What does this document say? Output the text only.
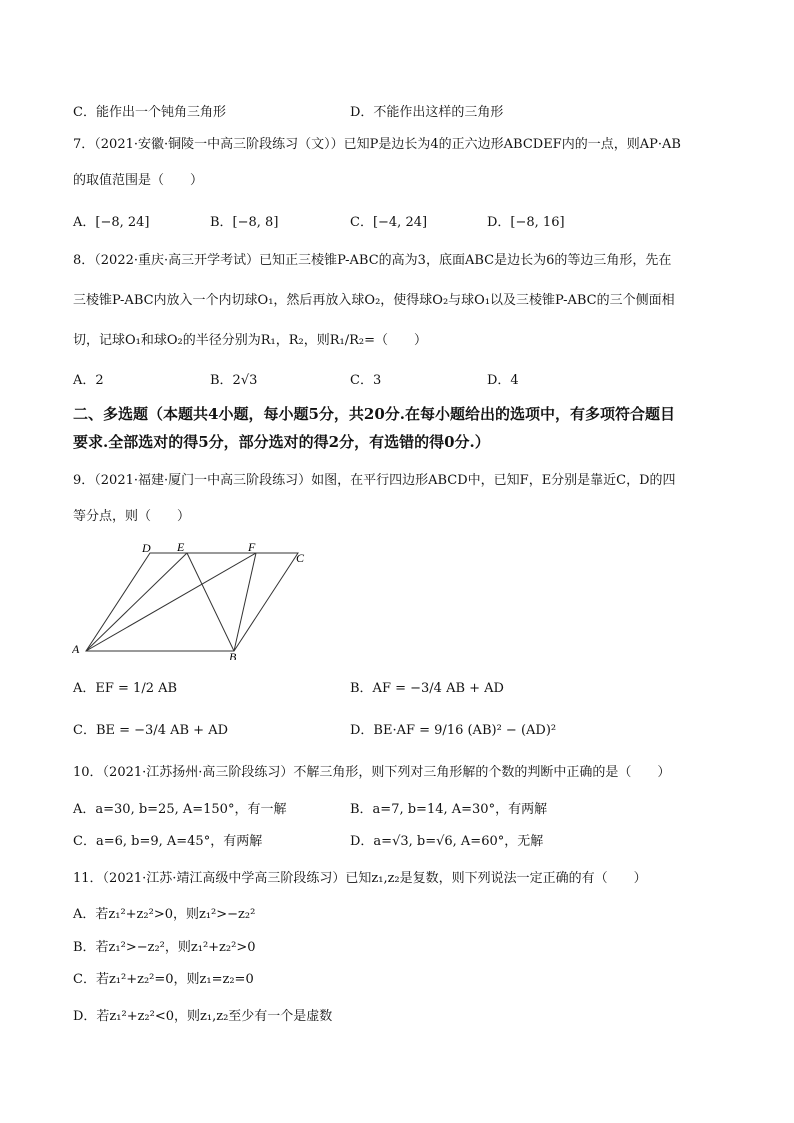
C．能作出一个钝角三角形	D．不能作出这样的三角形
7．（2021·安徽·铜陵一中高三阶段练习（文））已知P是边长为4的正六边形ABCDEF内的一点，则AP·AB
的取值范围是（　　）
A．[−8, 24]	B．[−8, 8]	C．[−4, 24]	D．[−8, 16]
8．（2022·重庆·高三开学考试）已知正三棱锥P-ABC的高为3，底面ABC是边长为6的等边三角形，先在
三棱锥P-ABC内放入一个内切球O₁，然后再放入球O₂，使得球O₂与球O₁以及三棱锥P-ABC的三个侧面相
切，记球O₁和球O₂的半径分别为R₁，R₂，则R₁/R₂=（　　）
A．2	B．2√3	C．3	D．4
二、多选题（本题共4小题，每小题5分，共20分.在每小题给出的选项中，有多项符合题目
要求.全部选对的得5分，部分选对的得2分，有选错的得0分.）
9．（2021·福建·厦门一中高三阶段练习）如图，在平行四边形ABCD中，已知F，E分别是靠近C，D的四
等分点，则（　　）
D E	F
C
A
B
A．EF = 1/2 AB	B．AF = −3/4 AB + AD
C．BE = −3/4 AB + AD	D．BE·AF = 9/16 (AB)² − (AD)²
10．（2021·江苏扬州·高三阶段练习）不解三角形，则下列对三角形解的个数的判断中正确的是（　　）
A．a=30, b=25, A=150°，有一解	B．a=7, b=14, A=30°，有两解
C．a=6, b=9, A=45°，有两解	D．a=√3, b=√6, A=60°，无解
11．（2021·江苏·靖江高级中学高三阶段练习）已知z₁,z₂是复数，则下列说法一定正确的有（　　）
A．若z₁²+z₂²>0，则z₁²>−z₂²
B．若z₁²>−z₂²，则z₁²+z₂²>0
C．若z₁²+z₂²=0，则z₁=z₂=0
D．若z₁²+z₂²<0，则z₁,z₂至少有一个是虚数
